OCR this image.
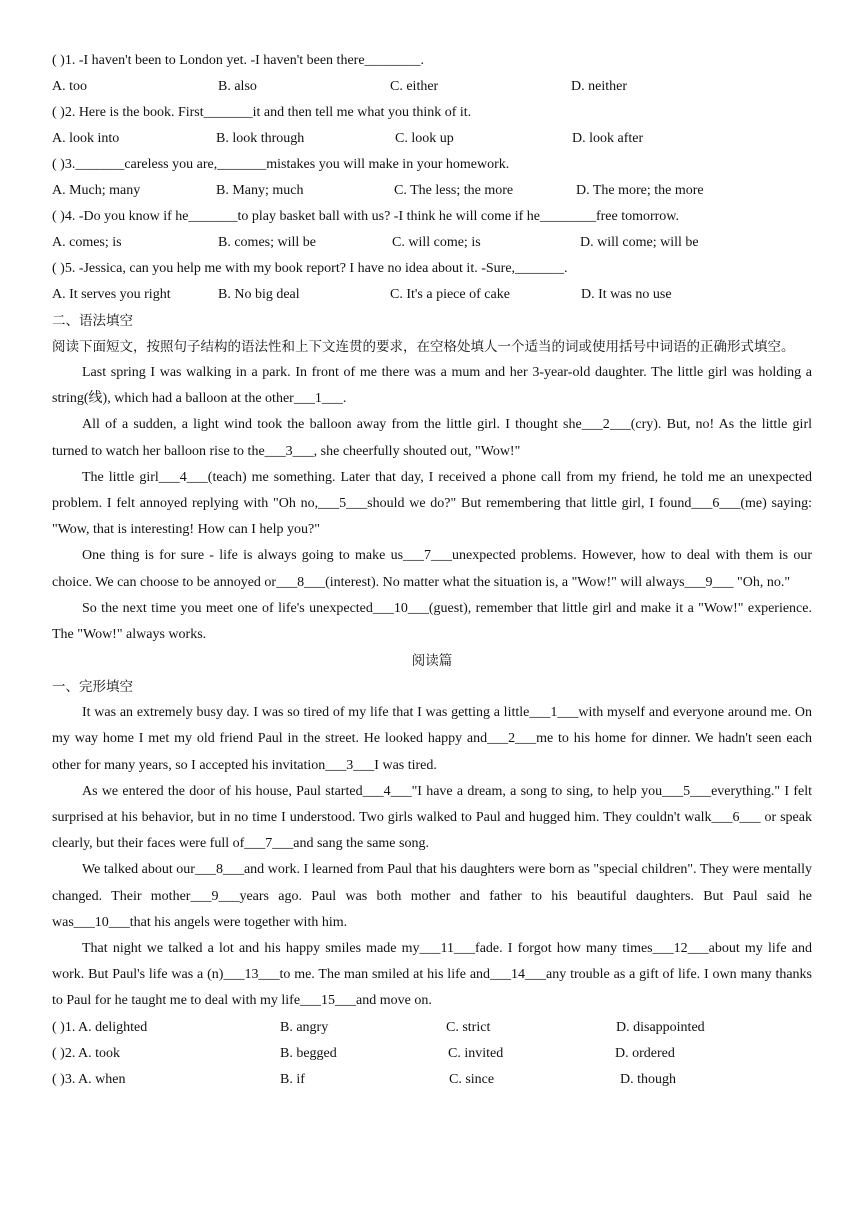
( )1. -I haven't been to London yet. -I haven't been there________.
A. too	B. also	C. either	D. neither
( )2. Here is the book. First_______it and then tell me what you think of it.
A. look into	B. look through	C. look up	D. look after
( )3._______careless you are,_______mistakes you will make in your homework.
A. Much; many	B. Many; much	C. The less; the more	D. The more; the more
( )4. -Do you know if he_______to play basket ball with us? -I think he will come if he________free tomorrow.
A. comes; is	B. comes; will be	C. will come; is	D. will come; will be
( )5. -Jessica, can you help me with my book report? I have no idea about it. -Sure,_______.
A. It serves you right	B. No big deal	C. It's a piece of cake	D. It was no use
二、语法填空
阅读下面短文，按照句子结构的语法性和上下文连贯的要求，在空格处填人一个适当的词或使用括号中词语的正确形式填空。
Last spring I was walking in a park. In front of me there was a mum and her 3-year-old daughter. The little girl was holding a string(线), which had a balloon at the other___1___.
All of a sudden, a light wind took the balloon away from the little girl. I thought she___2___(cry). But, no! As the little girl turned to watch her balloon rise to the___3___, she cheerfully shouted out, "Wow!"
The little girl___4___(teach) me something. Later that day, I received a phone call from my friend, he told me an unexpected problem. I felt annoyed replying with "Oh no,___5___should we do?" But remembering that little girl, I found___6___(me) saying: "Wow, that is interesting! How can I help you?"
One thing is for sure - life is always going to make us___7___unexpected problems. However, how to deal with them is our choice. We can choose to be annoyed or___8___(interest). No matter what the situation is, a "Wow!" will always___9___ "Oh, no."
So the next time you meet one of life's unexpected___10___(guest), remember that little girl and make it a "Wow!" experience. The "Wow!" always works.
阅读篇
一、完形填空
It was an extremely busy day. I was so tired of my life that I was getting a little___1___with myself and everyone around me. On my way home I met my old friend Paul in the street. He looked happy and___2___me to his home for dinner. We hadn't seen each other for many years, so I accepted his invitation___3___I was tired.
As we entered the door of his house, Paul started___4___"I have a dream, a song to sing, to help you___5___everything." I felt surprised at his behavior, but in no time I understood. Two girls walked to Paul and hugged him. They couldn't walk___6___ or speak clearly, but their faces were full of___7___and sang the same song.
We talked about our___8___and work. I learned from Paul that his daughters were born as "special children". They were mentally changed. Their mother___9___years ago. Paul was both mother and father to his beautiful daughters. But Paul said he was___10___that his angels were together with him.
That night we talked a lot and his happy smiles made my___11___fade. I forgot how many times___12___about my life and work. But Paul's life was a (n)___13___to me. The man smiled at his life and___14___any trouble as a gift of life. I own many thanks to Paul for he taught me to deal with my life___15___and move on.
( )1. A. delighted	B. angry	C. strict	D. disappointed
( )2. A. took	B. begged	C. invited	D. ordered
( )3. A. when	B. if	C. since	D. though
